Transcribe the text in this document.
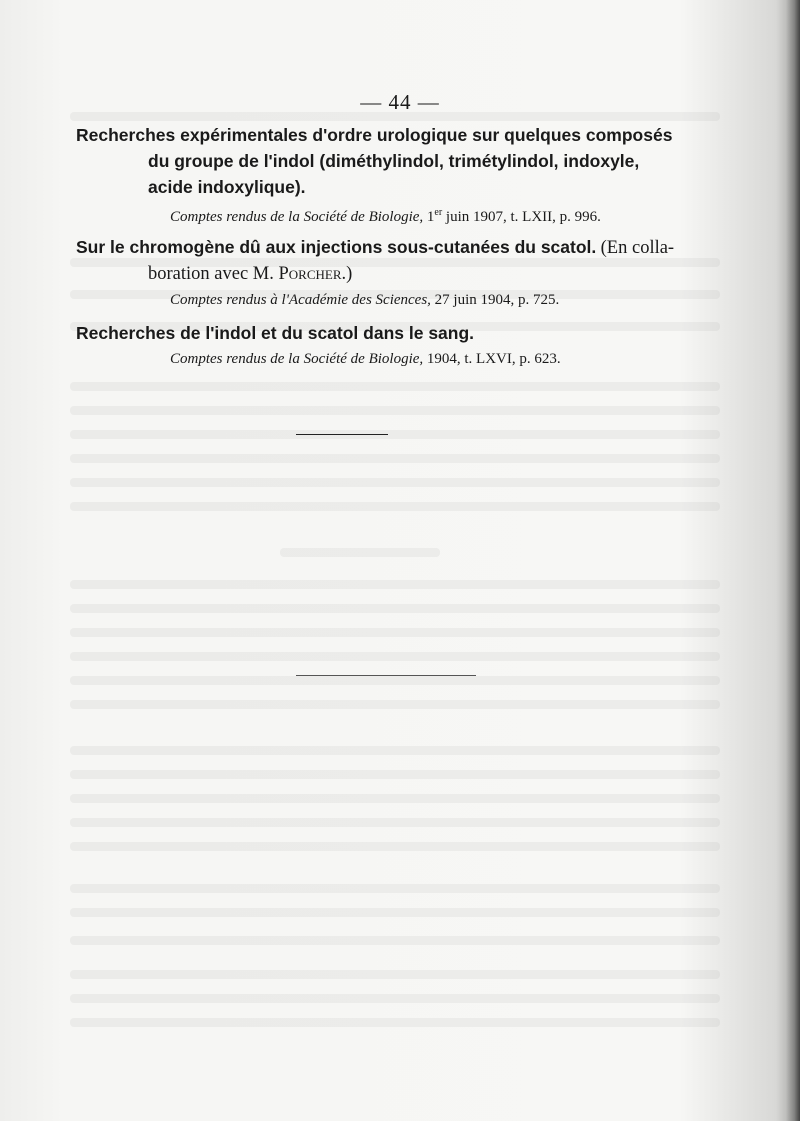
— 44 —

Recherches expérimentales d'ordre urologique sur quelques composés
du groupe de l'indol (diméthylindol, trimétylindol, indoxyle,
acide indoxylique).

Comptes rendus de la Société de Biologie, 1er juin 1907, t. LXII, p. 996.

Sur le chromogène dû aux injections sous-cutanées du scatol. (En colla-
boration avec M. Porcher.)

Comptes rendus à l'Académie des Sciences, 27 juin 1904, p. 725.

Recherches de l'indol et du scatol dans le sang.

Comptes rendus de la Société de Biologie, 1904, t. LXVI, p. 623.
